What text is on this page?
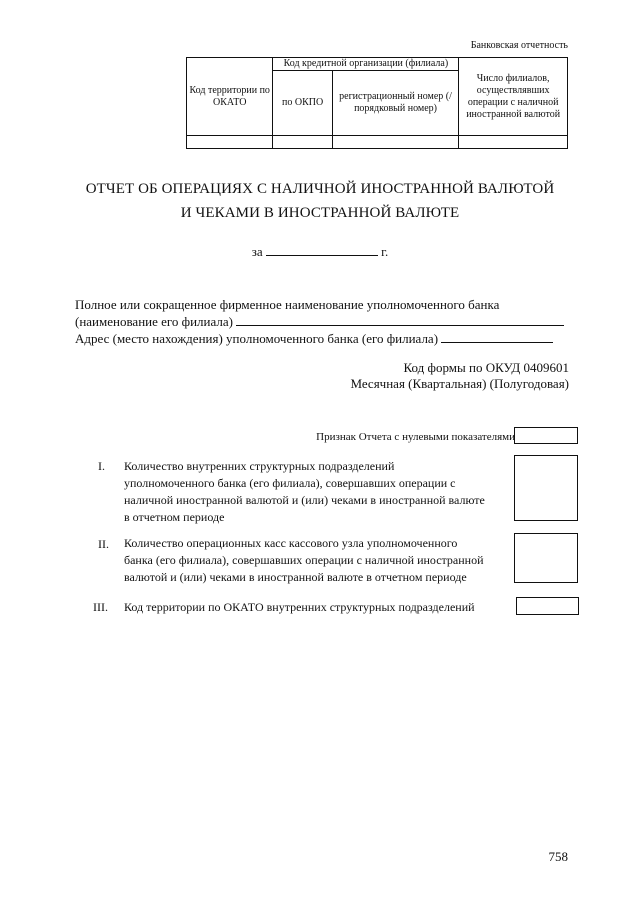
Банковская отчетность
Код территории по ОКАТО	Код кредитной организации (филиала)		Число филиалов, осуществлявших операции с наличной иностранной валютой
	по ОКПО	регистрационный номер (/порядковый номер)	

ОТЧЕТ ОБ ОПЕРАЦИЯХ С НАЛИЧНОЙ ИНОСТРАННОЙ ВАЛЮТОЙ
И ЧЕКАМИ В ИНОСТРАННОЙ ВАЛЮТЕ
за	г.
Полное или сокращенное фирменное наименование уполномоченного банка
(наименование его филиала)
Адрес (место нахождения) уполномоченного банка (его филиала)
Код формы по ОКУД 0409601
Месячная (Квартальная) (Полугодовая)
Признак Отчета с нулевыми показателями
I. Количество внутренних структурных подразделений
уполномоченного банка (его филиала), совершавших операции с
наличной иностранной валютой и (или) чеками в иностранной валюте
в отчетном периоде
II. Количество операционных касс кассового узла уполномоченного
банка (его филиала), совершавших операции с наличной иностранной
валютой и (или) чеками в иностранной валюте в отчетном периоде
III. Код территории по ОКАТО внутренних структурных подразделений
758
